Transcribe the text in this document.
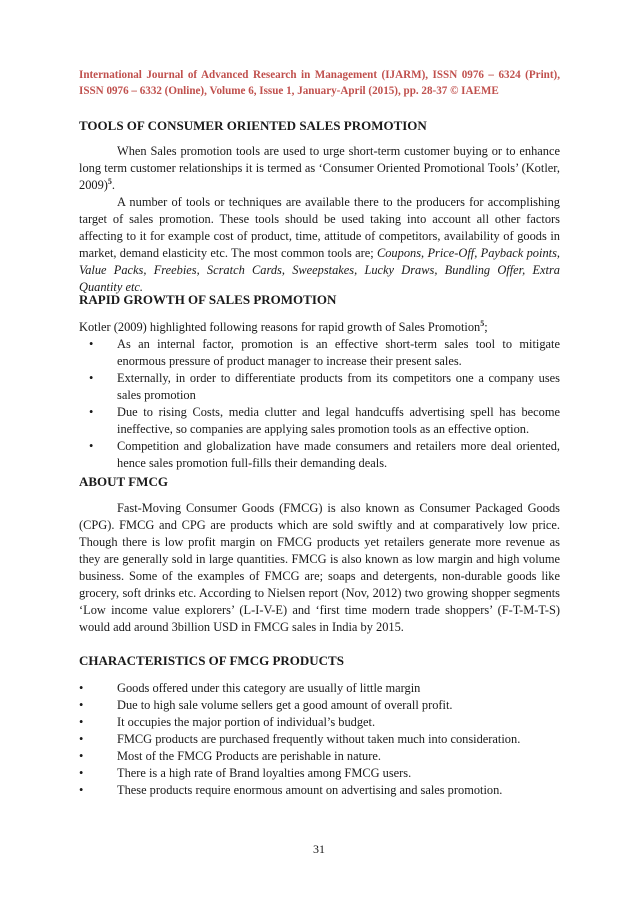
International Journal of Advanced Research in Management (IJARM), ISSN 0976 – 6324 (Print), ISSN 0976 – 6332 (Online), Volume 6, Issue 1, January-April (2015), pp. 28-37 © IAEME
TOOLS OF CONSUMER ORIENTED SALES PROMOTION

When Sales promotion tools are used to urge short-term customer buying or to enhance long term customer relationships it is termed as ‘Consumer Oriented Promotional Tools’ (Kotler, 2009)$^5$.

A number of tools or techniques are available there to the producers for accomplishing target of sales promotion. These tools should be used taking into account all other factors affecting to it for example cost of product, time, attitude of competitors, availability of goods in market, demand elasticity etc. The most common tools are; Coupons, Price-Off, Payback points, Value Packs, Freebies, Scratch Cards, Sweepstakes, Lucky Draws, Bundling Offer, Extra Quantity etc.

RAPID GROWTH OF SALES PROMOTION

Kotler (2009) highlighted following reasons for rapid growth of Sales Promotion$^5$;

• As an internal factor, promotion is an effective short-term sales tool to mitigate enormous pressure of product manager to increase their present sales.
• Externally, in order to differentiate products from its competitors one a company uses sales promotion
• Due to rising Costs, media clutter and legal handcuffs advertising spell has become ineffective, so companies are applying sales promotion tools as an effective option.
• Competition and globalization have made consumers and retailers more deal oriented, hence sales promotion full-fills their demanding deals.
ABOUT FMCG

Fast-Moving Consumer Goods (FMCG) is also known as Consumer Packaged Goods (CPG). FMCG and CPG are products which are sold swiftly and at comparatively low price. Though there is low profit margin on FMCG products yet retailers generate more revenue as they are generally sold in large quantities. FMCG is also known as low margin and high volume business. Some of the examples of FMCG are; soaps and detergents, non-durable goods like grocery, soft drinks etc. According to Nielsen report (Nov, 2012) two growing shopper segments ‘Low income value explorers’ (L-I-V-E) and ‘first time modern trade shoppers’ (F-T-M-T-S) would add around 3billion USD in FMCG sales in India by 2015.

CHARACTERISTICS OF FMCG PRODUCTS
•	Goods offered under this category are usually of little margin
•	Due to high sale volume sellers get a good amount of overall profit.
•	It occupies the major portion of individual’s budget.
•	FMCG products are purchased frequently without taken much into consideration.
•	Most of the FMCG Products are perishable in nature.
•	There is a high rate of Brand loyalties among FMCG users.
•	These products require enormous amount on advertising and sales promotion.
31
